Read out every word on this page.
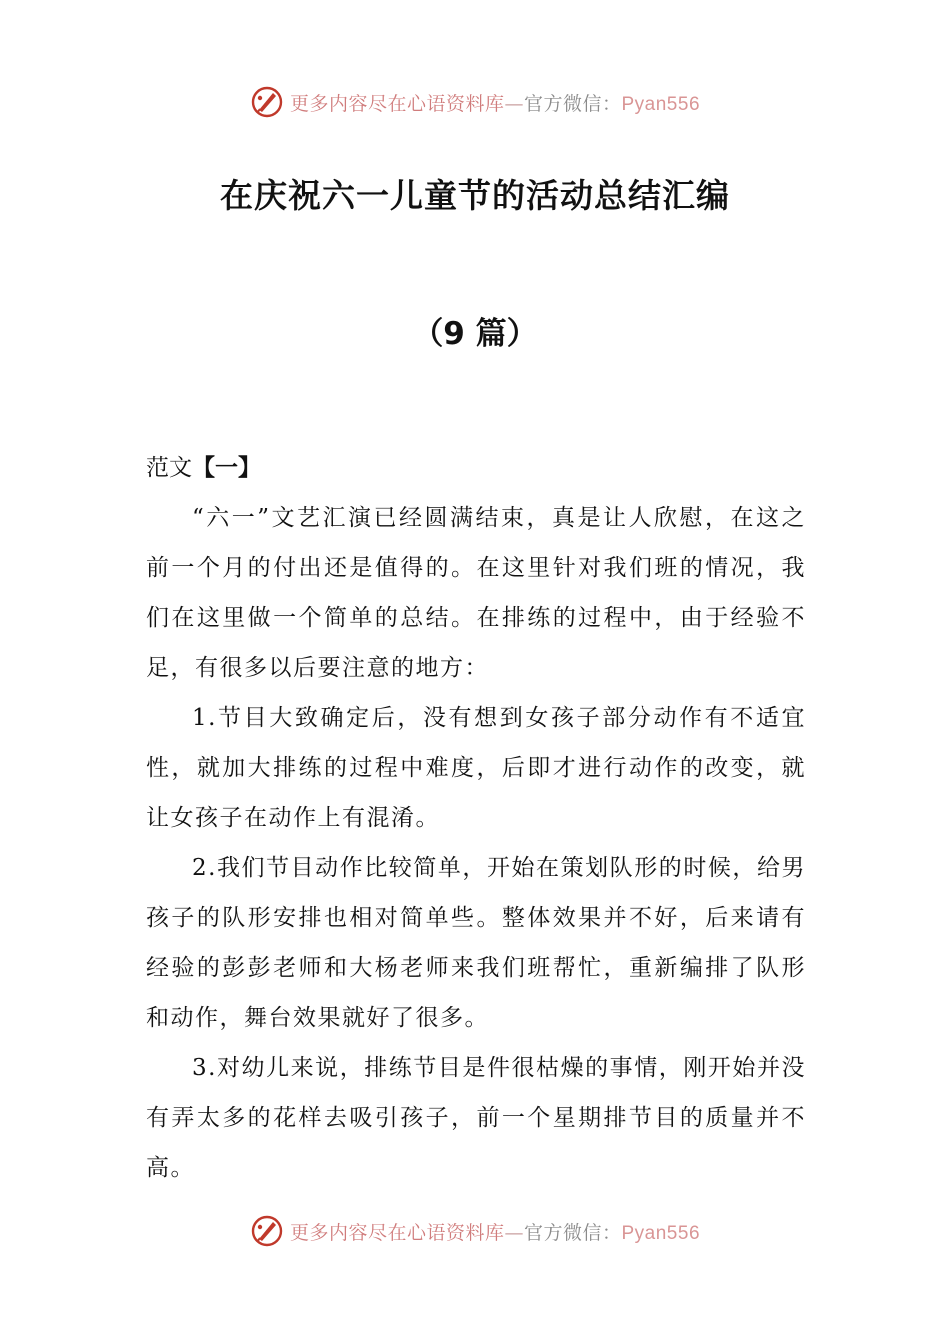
更多内容尽在心语资料库—官方微信：Pyan556
在庆祝六一儿童节的活动总结汇编
（9 篇）

范文【一】

“六一”文艺汇演已经圆满结束，真是让人欣慰，在这之前一个月的付出还是值得的。在这里针对我们班的情况，我们在这里做一个简单的总结。在排练的过程中，由于经验不足，有很多以后要注意的地方：

1.节目大致确定后，没有想到女孩子部分动作有不适宜性，就加大排练的过程中难度，后即才进行动作的改变，就让女孩子在动作上有混淆。

2.我们节目动作比较简单，开始在策划队形的时候，给男孩子的队形安排也相对简单些。整体效果并不好，后来请有经验的彭彭老师和大杨老师来我们班帮忙，重新编排了队形和动作，舞台效果就好了很多。

3.对幼儿来说，排练节目是件很枯燥的事情，刚开始并没有弄太多的花样去吸引孩子，前一个星期排节目的质量并不高。

更多内容尽在心语资料库—官方微信：Pyan556
